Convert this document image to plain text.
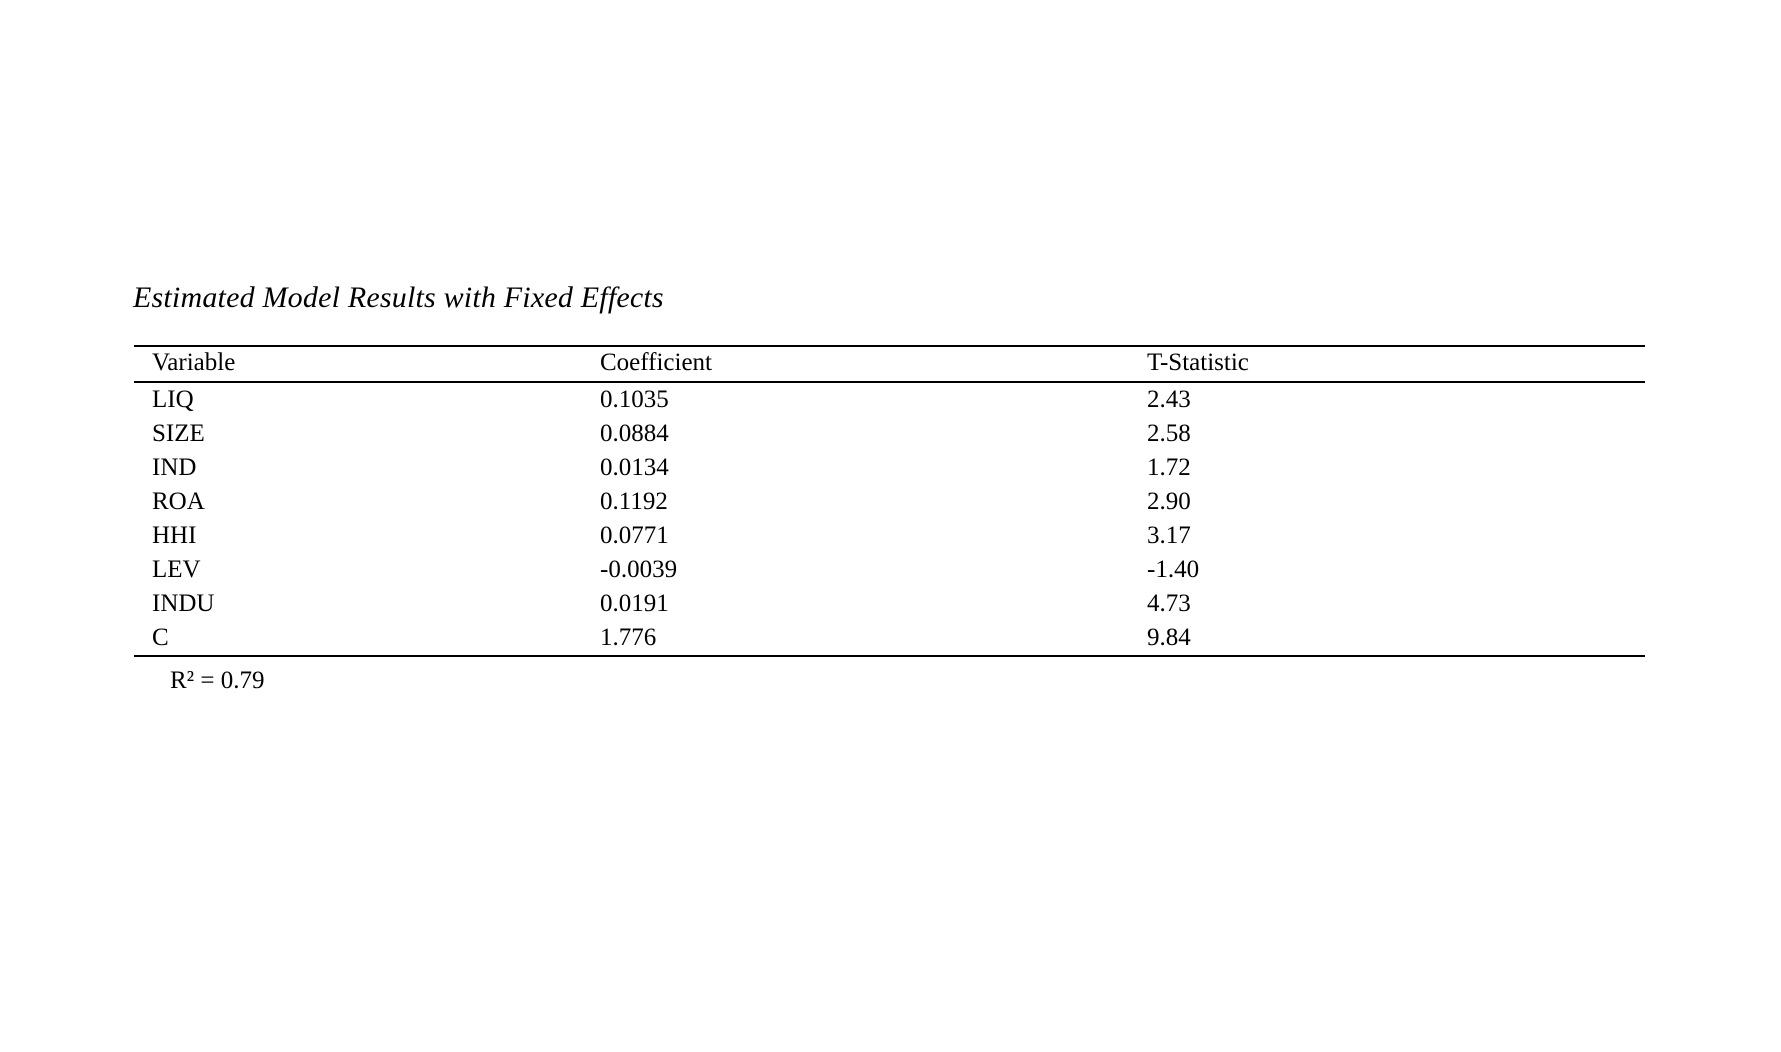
Estimated Model Results with Fixed Effects
Variable	Coefficient	T-Statistic
LIQ	0.1035	2.43
SIZE	0.0884	2.58
IND	0.0134	1.72
ROA	0.1192	2.90
HHI	0.0771	3.17
LEV	-0.0039	-1.40
INDU	0.0191	4.73
C	1.776	9.84
R² = 0.79
